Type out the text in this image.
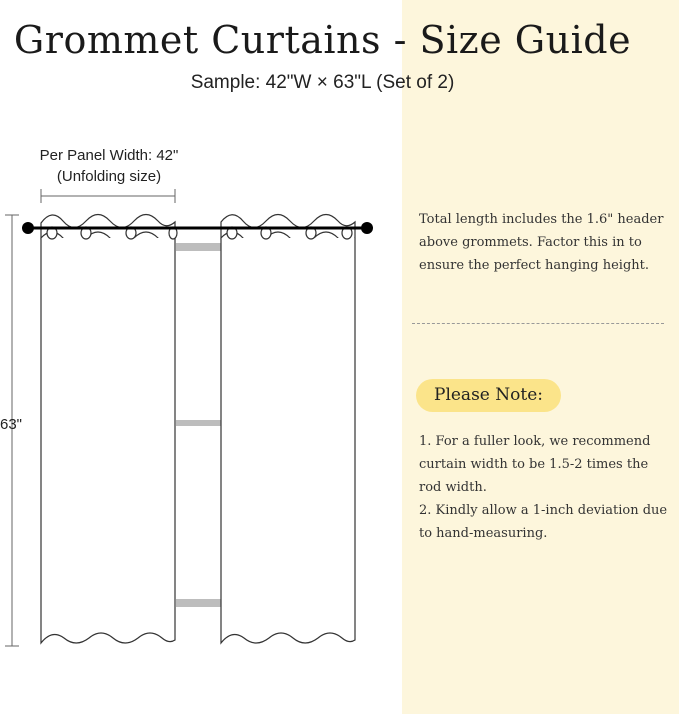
Grommet Curtains - Size Guide
Sample: 42"W × 63"L (Set of 2)
Per Panel Width: 42"
(Unfolding size)
63"
Total length includes the 1.6" header above grommets. Factor this in to ensure the perfect hanging height.
Please Note:

1. For a fuller look, we recommend curtain width to be 1.5-2 times the rod width.

2. Kindly allow a 1-inch deviation due to hand-measuring.
